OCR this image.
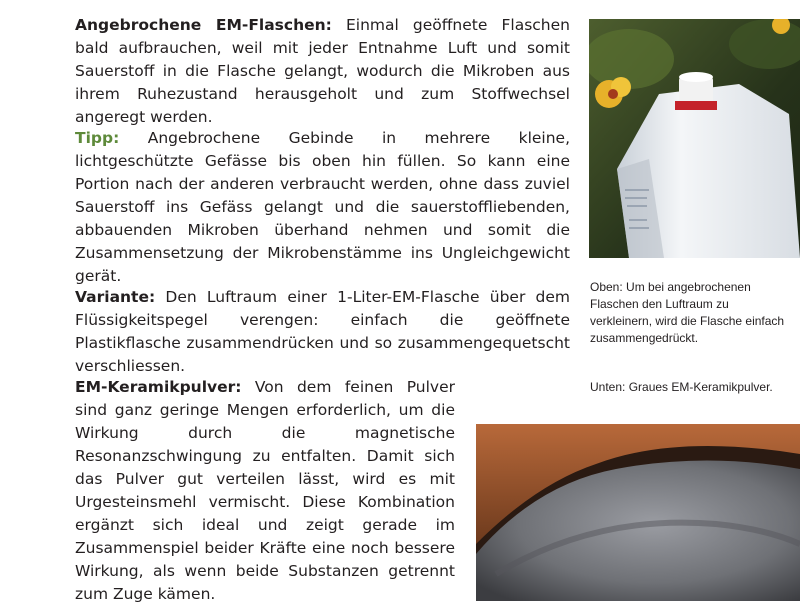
Angebrochene EM-Flaschen: Einmal geöffnete Flaschen bald aufbrauchen, weil mit jeder Entnahme Luft und somit Sauerstoff in die Flasche gelangt, wodurch die Mikroben aus ihrem Ruhezustand herausgeholt und zum Stoffwechsel angeregt werden.

Tipp: Angebrochene Gebinde in mehrere kleine, lichtgeschützte Gefässe bis oben hin füllen. So kann eine Portion nach der anderen verbraucht werden, ohne dass zuviel Sauerstoff ins Gefäss gelangt und die sauerstoffliebenden, abbauenden Mikroben überhand nehmen und somit die Zusammensetzung der Mikrobenstämme ins Ungleichgewicht gerät.

Variante: Den Luftraum einer 1-Liter-EM-Flasche über dem Flüssigkeitspegel verengen: einfach die geöffnete Plastikflasche zusammendrücken und so zusammengequetscht verschliessen.

EM-Keramikpulver: Von dem feinen Pulver sind ganz geringe Mengen erforderlich, um die Wirkung durch die magnetische Resonanzschwingung zu entfalten. Damit sich das Pulver gut verteilen lässt, wird es mit Urgesteinsmehl vermischt. Diese Kombination ergänzt sich ideal und zeigt gerade im Zusammenspiel beider Kräfte eine noch bessere Wirkung, als wenn beide Substanzen getrennt zum Zuge kämen.

Oben: Um bei angebrochenen Flaschen den Luftraum zu verkleinern, wird die Flasche einfach zusammengedrückt.

Unten: Graues EM-Keramikpulver.
